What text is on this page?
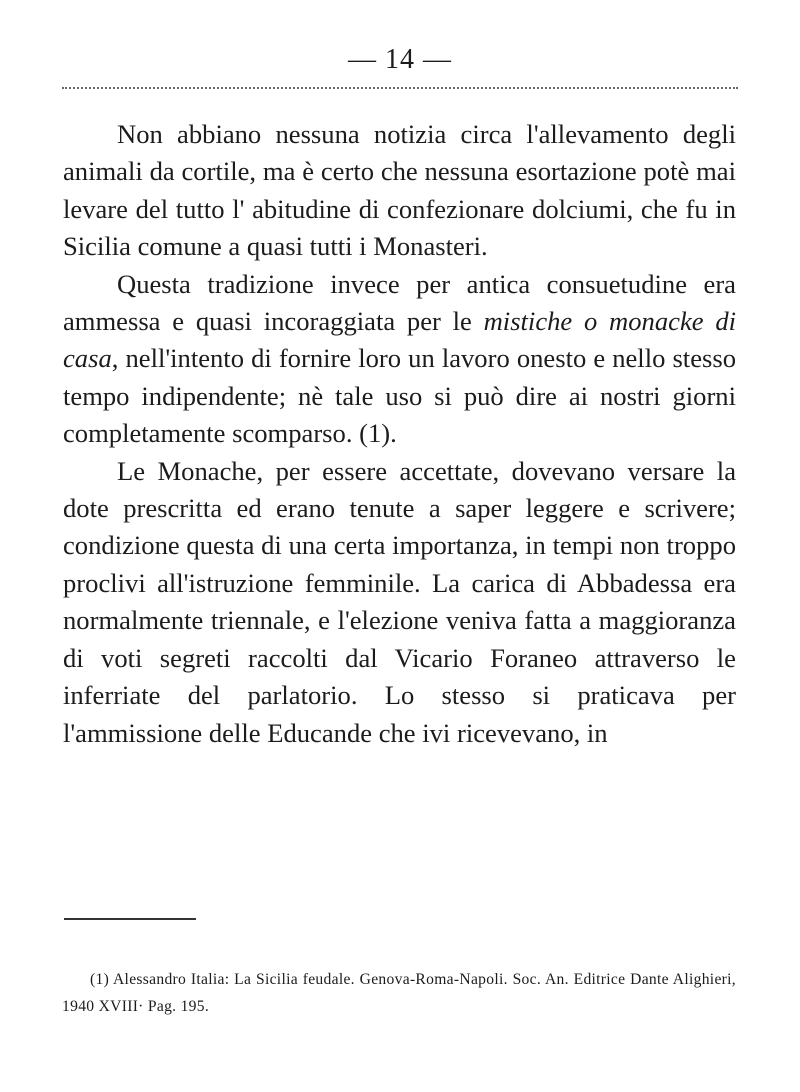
— 14 —

Non abbiano nessuna notizia circa l'allevamento degli animali da cortile, ma è certo che nessuna esortazione potè mai levare del tutto l' abitudine di confezionare dolciumi, che fu in Sicilia comune a quasi tutti i Monasteri.

Questa tradizione invece per antica consuetudine era ammessa e quasi incoraggiata per le mistiche o monacke di casa, nell'intento di fornire loro un lavoro onesto e nello stesso tempo indipendente; nè tale uso si può dire ai nostri giorni completamente scomparso. (1).

Le Monache, per essere accettate, dovevano versare la dote prescritta ed erano tenute a saper leggere e scrivere; condizione questa di una certa importanza, in tempi non troppo proclivi all'istruzione femminile. La carica di Abbadessa era normalmente triennale, e l'elezione veniva fatta a maggioranza di voti segreti raccolti dal Vicario Foraneo attraverso le inferriate del parlatorio. Lo stesso si praticava per l'ammissione delle Educande che ivi ricevevano, in

(1) Alessandro Italia: La Sicilia feudale. Genova-Roma-Napoli. Soc. An. Editrice Dante Alighieri, 1940 XVIII· Pag. 195.
